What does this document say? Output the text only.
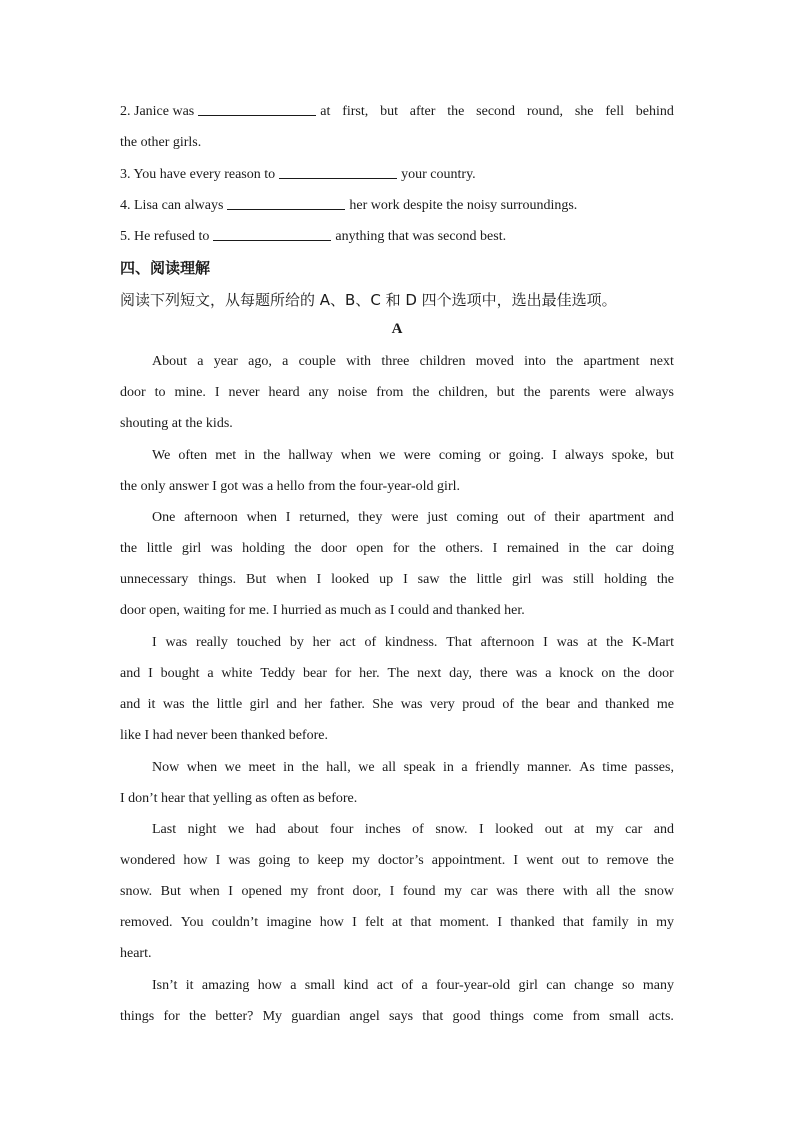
2. Janice was	at first, but after the second round, she fell behind
the other girls.
3. You have every reason to	your country.
4. Lisa can always	her work despite the noisy surroundings.
5. He refused to	anything that was second best.
四、阅读理解
阅读下列短文，从每题所给的 A、B、C 和 D 四个选项中，选出最佳选项。
A
About a year ago, a couple with three children moved into the apartment next
door to mine. I never heard any noise from the children, but the parents were always
shouting at the kids.
We often met in the hallway when we were coming or going. I always spoke, but
the only answer I got was a hello from the four-year-old girl.
One afternoon when I returned, they were just coming out of their apartment and
the little girl was holding the door open for the others. I remained in the car doing
unnecessary things. But when I looked up I saw the little girl was still holding the
door open, waiting for me. I hurried as much as I could and thanked her.
I was really touched by her act of kindness. That afternoon I was at the K-Mart
and I bought a white Teddy bear for her. The next day, there was a knock on the door
and it was the little girl and her father. She was very proud of the bear and thanked me
like I had never been thanked before.
Now when we meet in the hall, we all speak in a friendly manner. As time passes,
I don’t hear that yelling as often as before.
Last night we had about four inches of snow. I looked out at my car and
wondered how I was going to keep my doctor’s appointment. I went out to remove the
snow. But when I opened my front door, I found my car was there with all the snow
removed. You couldn’t imagine how I felt at that moment. I thanked that family in my
heart.
Isn’t it amazing how a small kind act of a four-year-old girl can change so many
things for the better? My guardian angel says that good things come from small acts.
